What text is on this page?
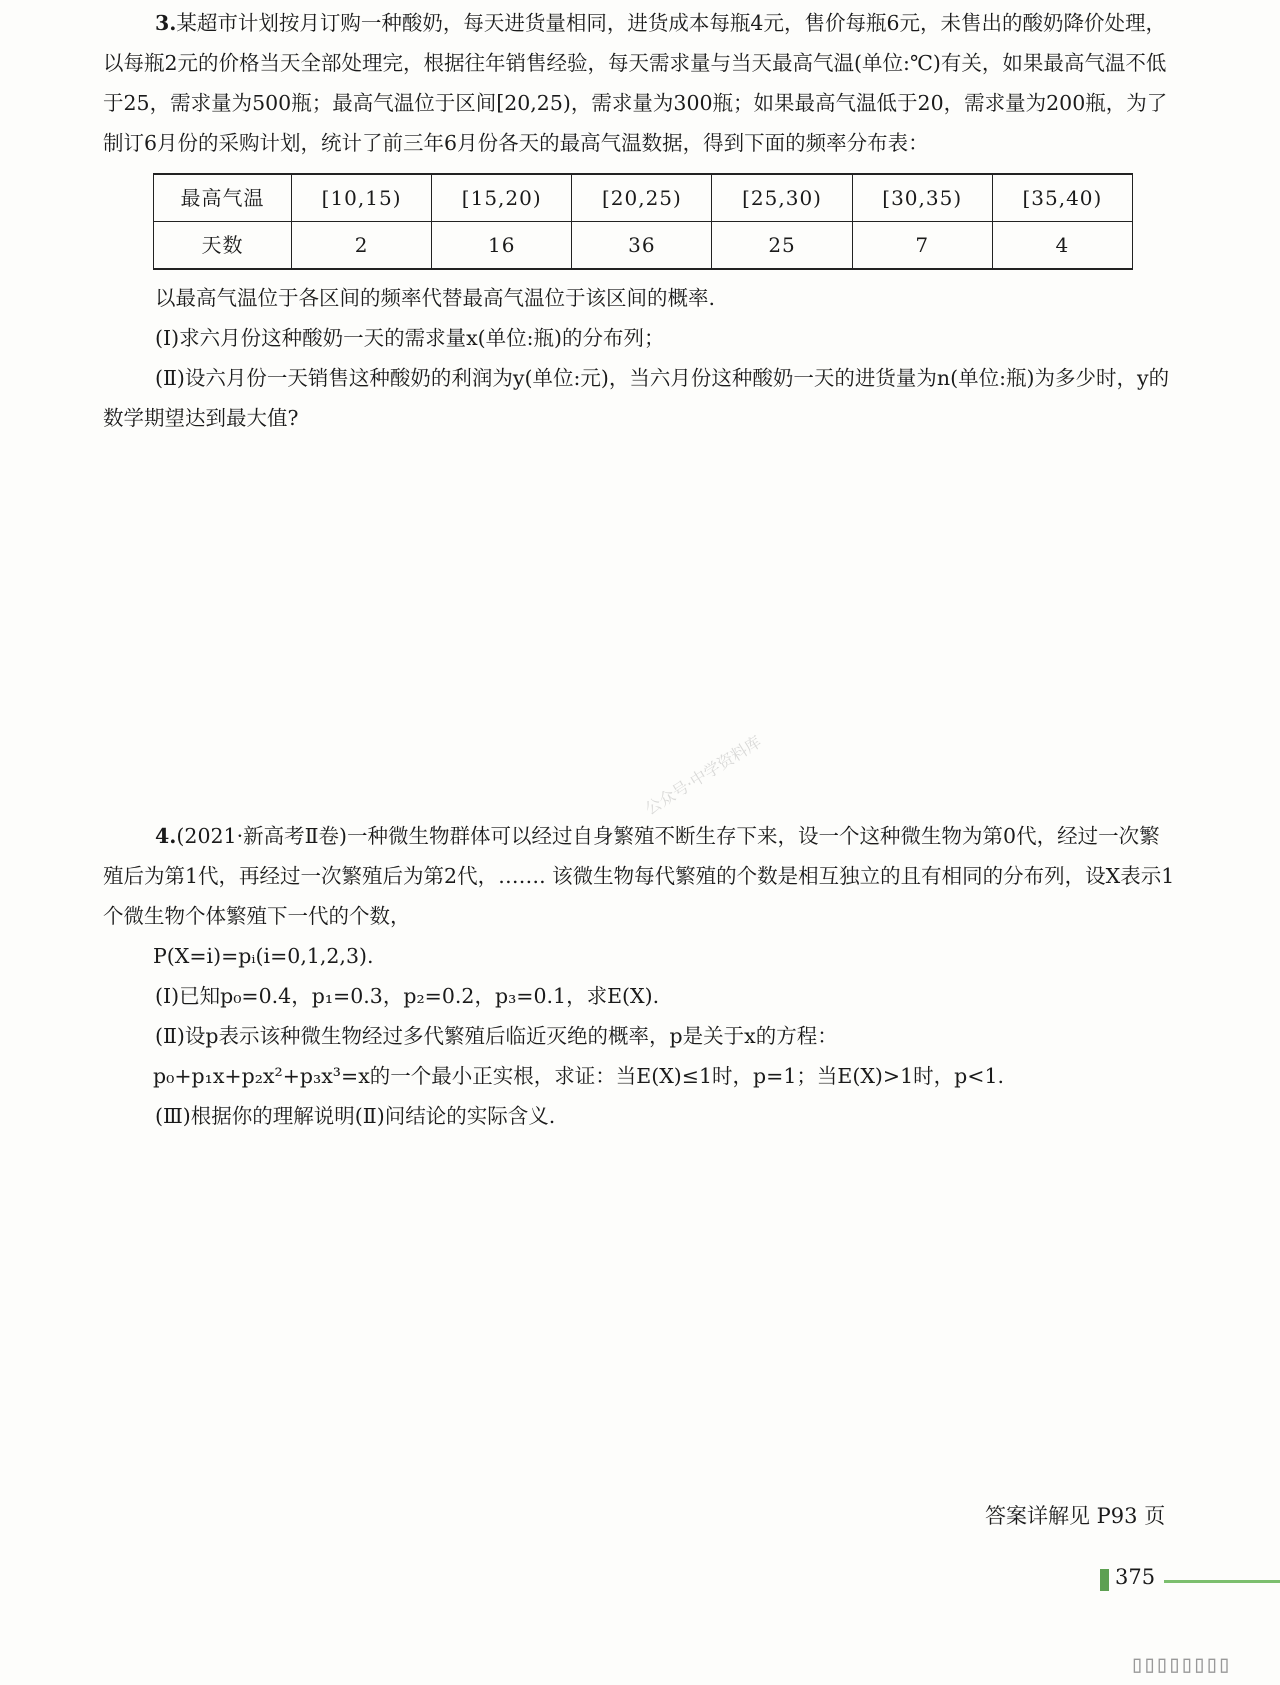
3.某超市计划按月订购一种酸奶，每天进货量相同，进货成本每瓶4元，售价每瓶6元，未售出的酸奶降价处理，以每瓶2元的价格当天全部处理完，根据往年销售经验，每天需求量与当天最高气温(单位:℃)有关，如果最高气温不低于25，需求量为500瓶；最高气温位于区间[20,25)，需求量为300瓶；如果最高气温低于20，需求量为200瓶，为了制订6月份的采购计划，统计了前三年6月份各天的最高气温数据，得到下面的频率分布表：

最高气温	[10,15)	[15,20)	[20,25)	[25,30)	[30,35)	[35,40)
天数	2	16	36	25	7	4

以最高气温位于各区间的频率代替最高气温位于该区间的概率.

(Ⅰ)求六月份这种酸奶一天的需求量x(单位:瓶)的分布列；

(Ⅱ)设六月份一天销售这种酸奶的利润为y(单位:元)，当六月份这种酸奶一天的进货量为n(单位:瓶)为多少时，y的数学期望达到最大值?

4.(2021·新高考Ⅱ卷)一种微生物群体可以经过自身繁殖不断生存下来，设一个这种微生物为第0代，经过一次繁殖后为第1代，再经过一次繁殖后为第2代，……. 该微生物每代繁殖的个数是相互独立的且有相同的分布列，设X表示1个微生物个体繁殖下一代的个数，

P(X=i)=pᵢ(i=0,1,2,3).

(Ⅰ)已知p₀=0.4，p₁=0.3，p₂=0.2，p₃=0.1，求E(X).

(Ⅱ)设p表示该种微生物经过多代繁殖后临近灭绝的概率，p是关于x的方程：

p₀+p₁x+p₂x²+p₃x³=x的一个最小正实根，求证：当E(X)≤1时，p=1；当E(X)>1时，p<1.

(Ⅲ)根据你的理解说明(Ⅱ)问结论的实际含义.

公众号·中学资料库
答案详解见 P93 页
375
▯▯▯▯▯▯▯▯
